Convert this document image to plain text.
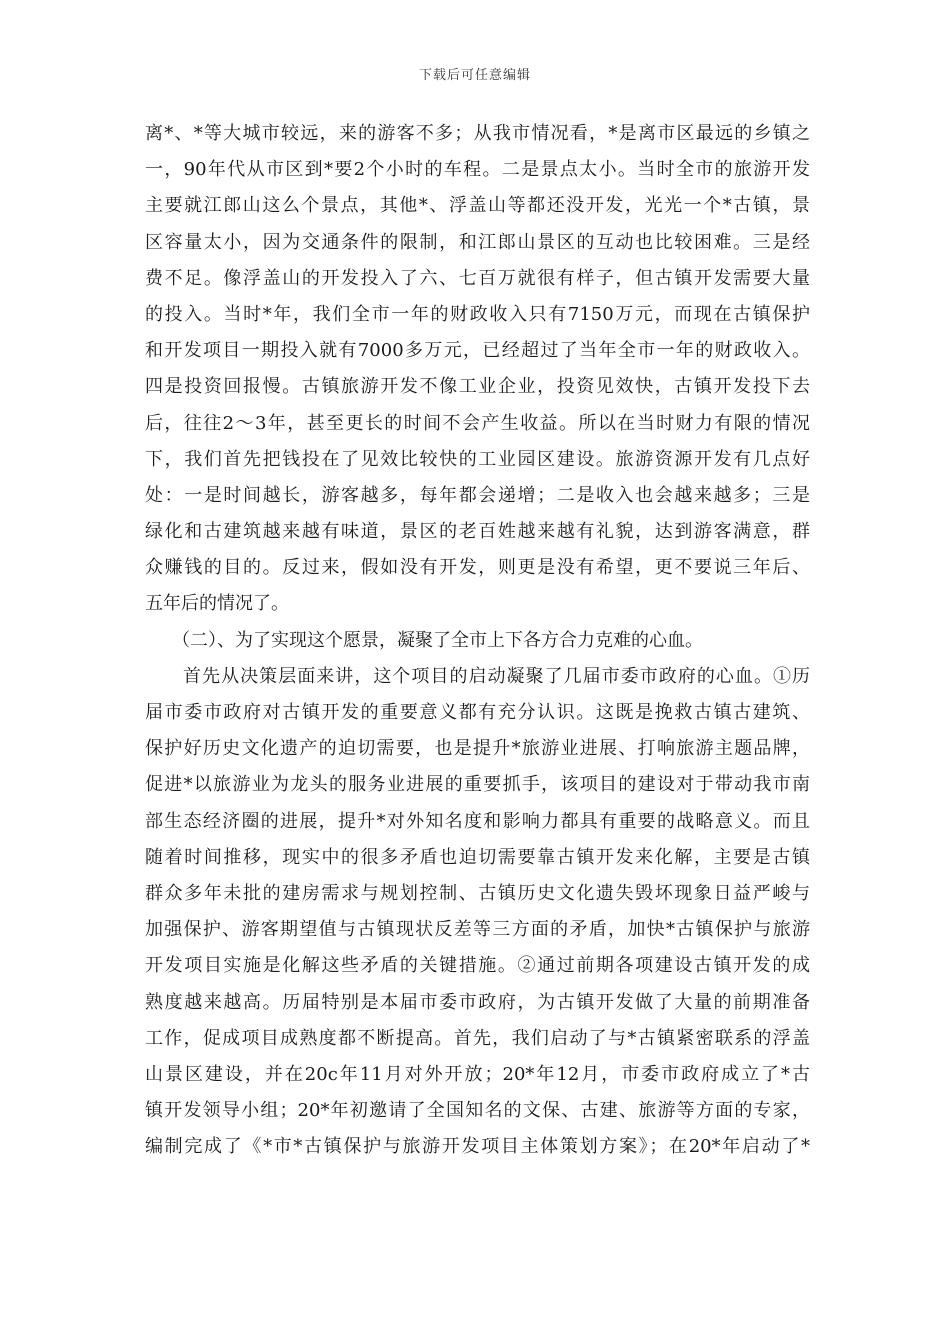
下载后可任意编辑
离*、*等大城市较远，来的游客不多；从我市情况看，*是离市区最远的乡镇之
一，90年代从市区到*要2个小时的车程。二是景点太小。当时全市的旅游开发
主要就江郎山这么个景点，其他*、浮盖山等都还没开发，光光一个*古镇，景
区容量太小，因为交通条件的限制，和江郎山景区的互动也比较困难。三是经
费不足。像浮盖山的开发投入了六、七百万就很有样子，但古镇开发需要大量
的投入。当时*年，我们全市一年的财政收入只有7150万元，而现在古镇保护
和开发项目一期投入就有7000多万元，已经超过了当年全市一年的财政收入。
四是投资回报慢。古镇旅游开发不像工业企业，投资见效快，古镇开发投下去
后，往往2～3年，甚至更长的时间不会产生收益。所以在当时财力有限的情况
下，我们首先把钱投在了见效比较快的工业园区建设。旅游资源开发有几点好
处：一是时间越长，游客越多，每年都会递增；二是收入也会越来越多；三是
绿化和古建筑越来越有味道，景区的老百姓越来越有礼貌，达到游客满意，群
众赚钱的目的。反过来，假如没有开发，则更是没有希望，更不要说三年后、
五年后的情况了。
　　（二）、为了实现这个愿景，凝聚了全市上下各方合力克难的心血。
　　首先从决策层面来讲，这个项目的启动凝聚了几届市委市政府的心血。①历
届市委市政府对古镇开发的重要意义都有充分认识。这既是挽救古镇古建筑、
保护好历史文化遗产的迫切需要，也是提升*旅游业进展、打响旅游主题品牌，
促进*以旅游业为龙头的服务业进展的重要抓手，该项目的建设对于带动我市南
部生态经济圈的进展，提升*对外知名度和影响力都具有重要的战略意义。而且
随着时间推移，现实中的很多矛盾也迫切需要靠古镇开发来化解，主要是古镇
群众多年未批的建房需求与规划控制、古镇历史文化遗失毁坏现象日益严峻与
加强保护、游客期望值与古镇现状反差等三方面的矛盾，加快*古镇保护与旅游
开发项目实施是化解这些矛盾的关键措施。②通过前期各项建设古镇开发的成
熟度越来越高。历届特别是本届市委市政府，为古镇开发做了大量的前期准备
工作，促成项目成熟度都不断提高。首先，我们启动了与*古镇紧密联系的浮盖
山景区建设，并在20c年11月对外开放；20*年12月，市委市政府成立了*古
镇开发领导小组；20*年初邀请了全国知名的文保、古建、旅游等方面的专家，
编制完成了《*市*古镇保护与旅游开发项目主体策划方案》；在20*年启动了*
